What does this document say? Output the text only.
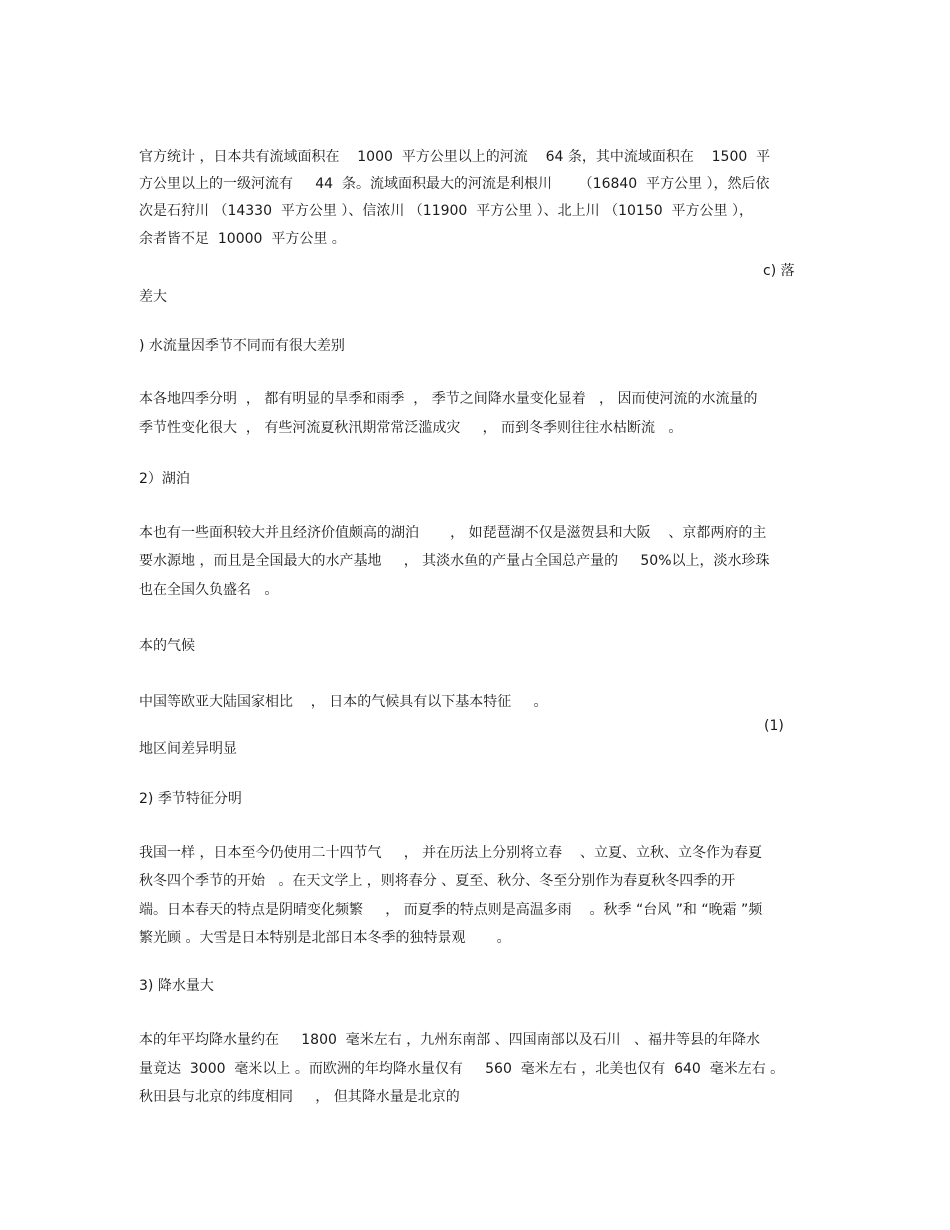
官方统计 ，日本共有流域面积在    1000  平方公里以上的河流    64 条，其中流域面积在    1500  平
方公里以上的一级河流有     44  条。流域面积最大的河流是利根川      （16840  平方公里 ），然后依
次是石狩川 （14330  平方公里 ）、信浓川 （11900  平方公里 ）、北上川 （10150  平方公里 ），
余者皆不足  10000  平方公里 。
c) 落
差大
) 水流量因季节不同而有很大差别
本各地四季分明  ， 都有明显的旱季和雨季  ， 季节之间降水量变化显着   ， 因而使河流的水流量的
季节性变化很大  ， 有些河流夏秋汛期常常泛滥成灾     ， 而到冬季则往往水枯断流   。
2）湖泊
本也有一些面积较大并且经济价值颇高的湖泊       ， 如琵琶湖不仅是滋贺县和大阪    、京都两府的主
要水源地 ，而且是全国最大的水产基地     ， 其淡水鱼的产量占全国总产量的     50%以上，淡水珍珠
也在全国久负盛名   。
本的气候
中国等欧亚大陆国家相比    ， 日本的气候具有以下基本特征     。
(1)
地区间差异明显
2) 季节特征分明
我国一样 ，日本至今仍使用二十四节气     ， 并在历法上分别将立春    、立夏、立秋、立冬作为春夏
秋冬四个季节的开始   。在天文学上 ，则将春分 、夏至、秋分、冬至分别作为春夏秋冬四季的开
端。日本春天的特点是阴晴变化频繁     ， 而夏季的特点则是高温多雨    。秋季 “台风 ”和 “晚霜 ”频
繁光顾 。大雪是日本特别是北部日本冬季的独特景观       。
3) 降水量大
本的年平均降水量约在     1800  毫米左右 ，九州东南部 、四国南部以及石川   、福井等县的年降水
量竟达  3000  毫米以上 。而欧洲的年均降水量仅有     560  毫米左右 ，北美也仅有  640  毫米左右 。
秋田县与北京的纬度相同     ， 但其降水量是北京的
